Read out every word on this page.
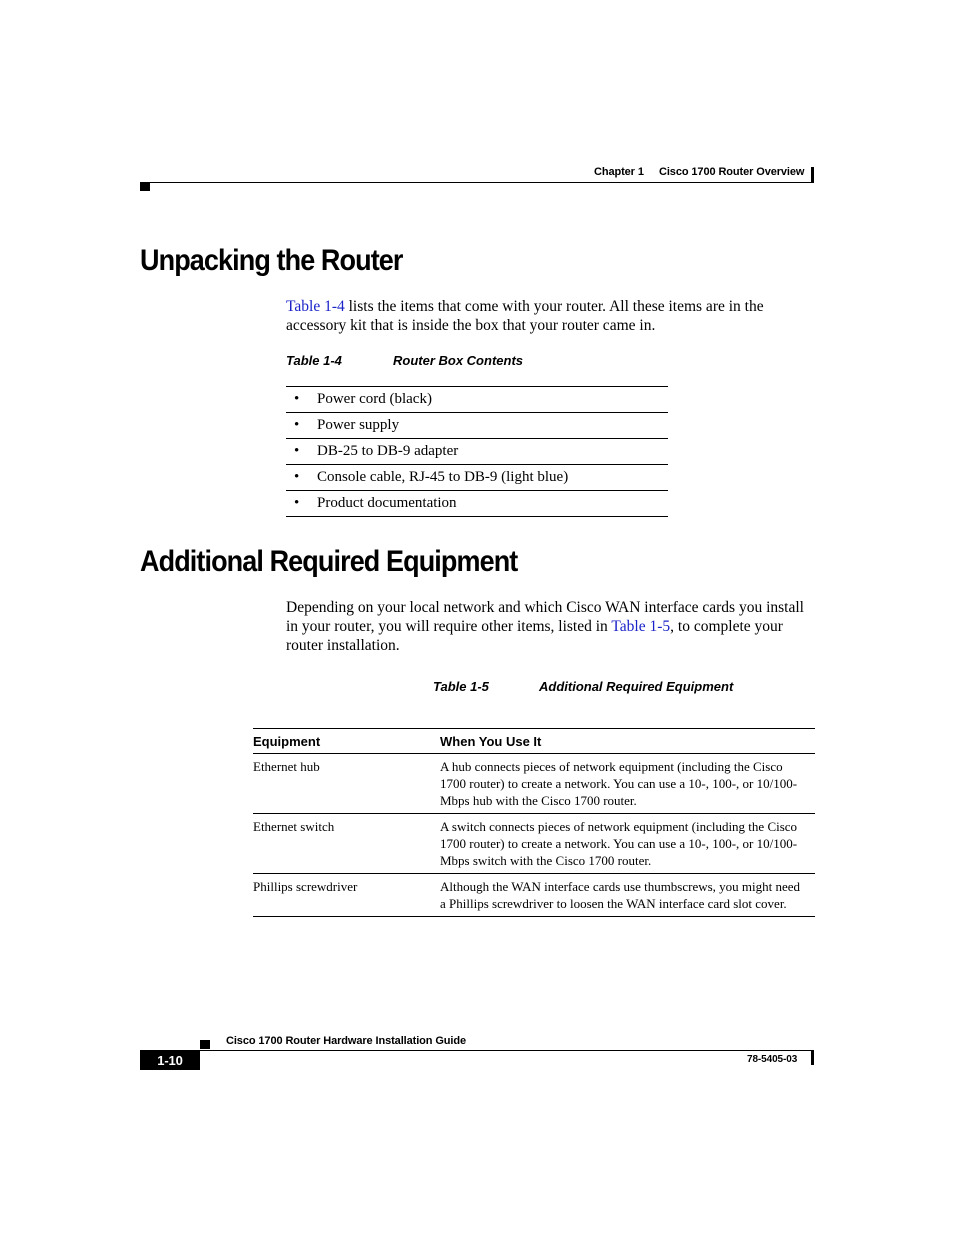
Chapter 1 Cisco 1700 Router Overview
Unpacking the Router
Table 1-4 lists the items that come with your router. All these items are in the accessory kit that is inside the box that your router came in.
Table 1-4	Router Box Contents
• Power cord (black)
• Power supply
• DB-25 to DB-9 adapter
• Console cable, RJ-45 to DB-9 (light blue)
• Product documentation
Additional Required Equipment
Depending on your local network and which Cisco WAN interface cards you install in your router, you will require other items, listed in Table 1-5, to complete your router installation.
Table 1-5	Additional Required Equipment
Equipment	When You Use It
Ethernet hub	A hub connects pieces of network equipment (including the Cisco 1700 router) to create a network. You can use a 10-, 100-, or 10/100-Mbps hub with the Cisco 1700 router.
Ethernet switch	A switch connects pieces of network equipment (including the Cisco 1700 router) to create a network. You can use a 10-, 100-, or 10/100-Mbps switch with the Cisco 1700 router.
Phillips screwdriver	Although the WAN interface cards use thumbscrews, you might need a Phillips screwdriver to loosen the WAN interface card slot cover.
Cisco 1700 Router Hardware Installation Guide
1-10	78-5405-03
